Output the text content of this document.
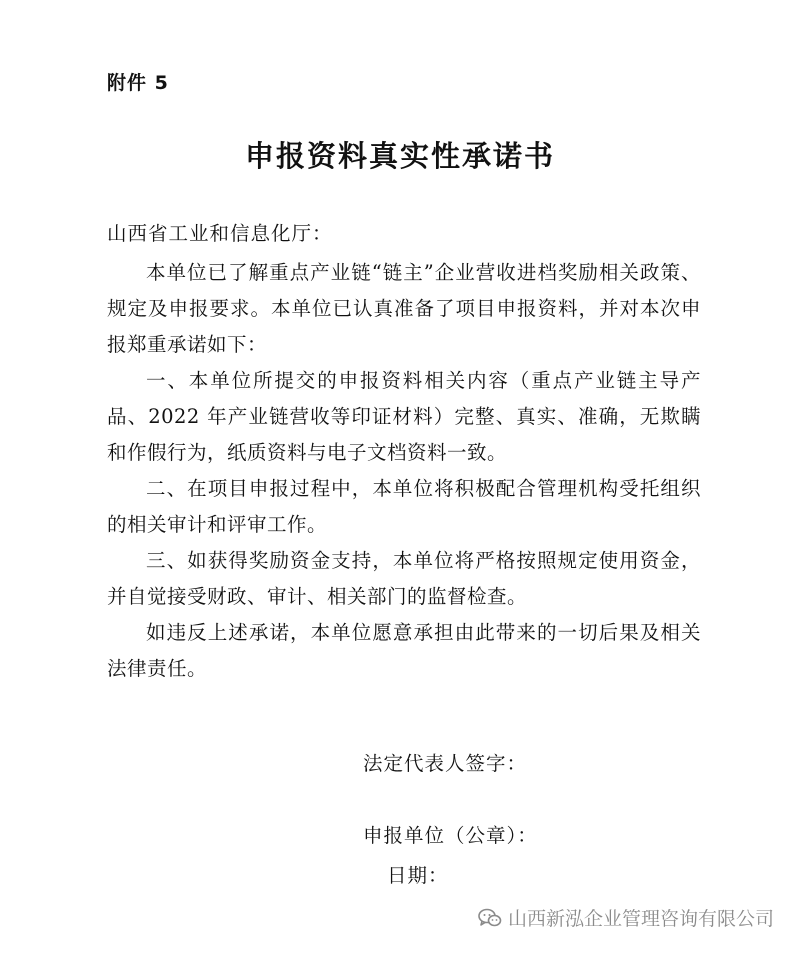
附件 5
申报资料真实性承诺书
山西省工业和信息化厅：

本单位已了解重点产业链“链主”企业营收进档奖励相关政策、规定及申报要求。本单位已认真准备了项目申报资料，并对本次申报郑重承诺如下：

一、本单位所提交的申报资料相关内容（重点产业链主导产品、2022 年产业链营收等印证材料）完整、真实、准确，无欺瞒和作假行为，纸质资料与电子文档资料一致。

二、在项目申报过程中，本单位将积极配合管理机构受托组织的相关审计和评审工作。

三、如获得奖励资金支持，本单位将严格按照规定使用资金，并自觉接受财政、审计、相关部门的监督检查。

如违反上述承诺，本单位愿意承担由此带来的一切后果及相关法律责任。

法定代表人签字：
申报单位（公章）：
日期：
山西新泓企业管理咨询有限公司
